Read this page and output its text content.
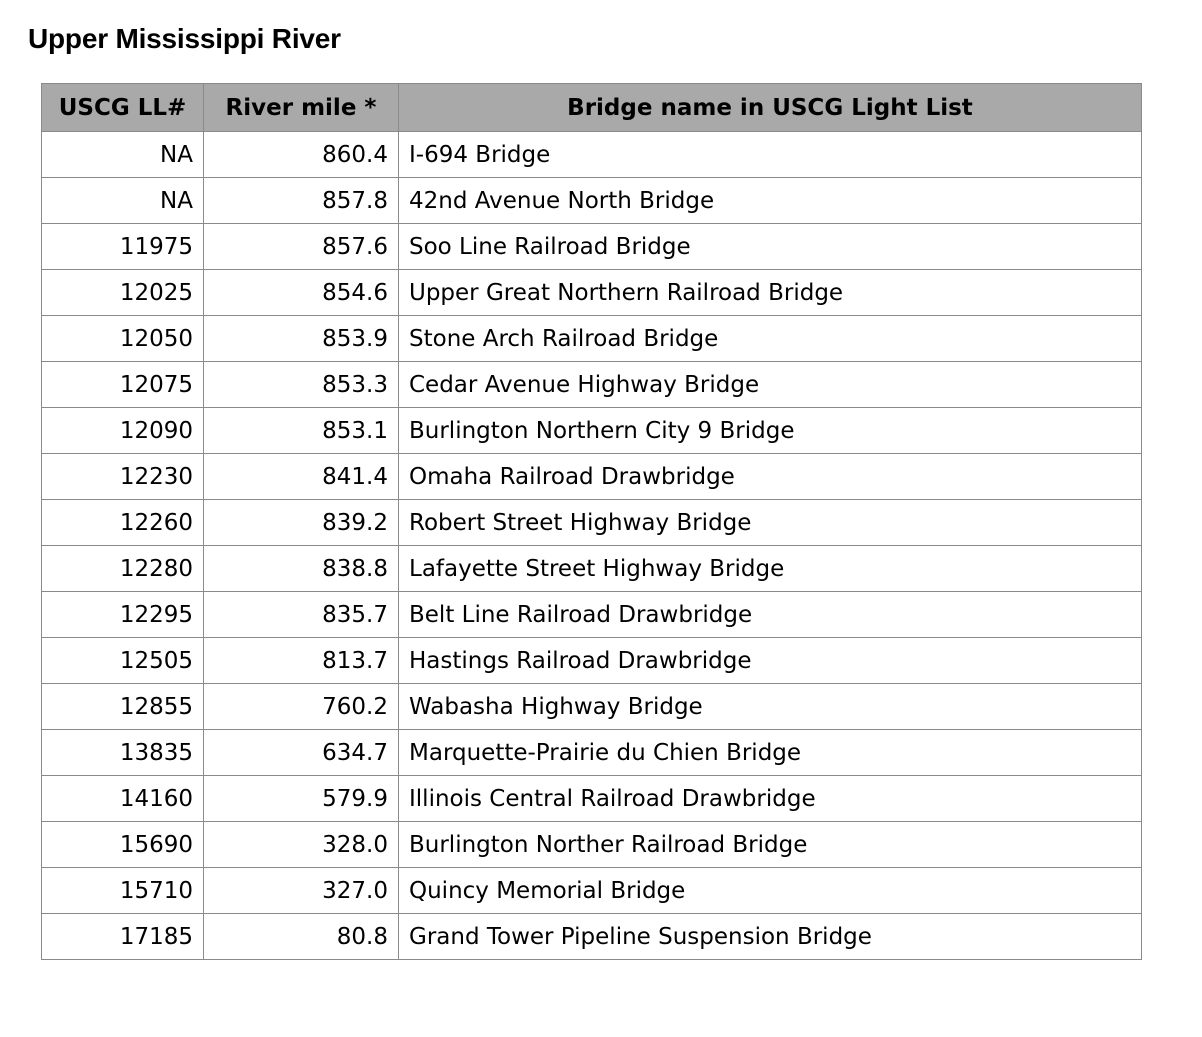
Upper Mississippi River
USCG LL#	River mile *	Bridge name in USCG Light List
NA	860.4	I-694 Bridge
NA	857.8	42nd Avenue North Bridge
11975	857.6	Soo Line Railroad Bridge
12025	854.6	Upper Great Northern Railroad Bridge
12050	853.9	Stone Arch Railroad Bridge
12075	853.3	Cedar Avenue Highway Bridge
12090	853.1	Burlington Northern City 9 Bridge
12230	841.4	Omaha Railroad Drawbridge
12260	839.2	Robert Street Highway Bridge
12280	838.8	Lafayette Street Highway Bridge
12295	835.7	Belt Line Railroad Drawbridge
12505	813.7	Hastings Railroad Drawbridge
12855	760.2	Wabasha Highway Bridge
13835	634.7	Marquette-Prairie du Chien Bridge
14160	579.9	Illinois Central Railroad Drawbridge
15690	328.0	Burlington Norther Railroad Bridge
15710	327.0	Quincy Memorial Bridge
17185	80.8	Grand Tower Pipeline Suspension Bridge
